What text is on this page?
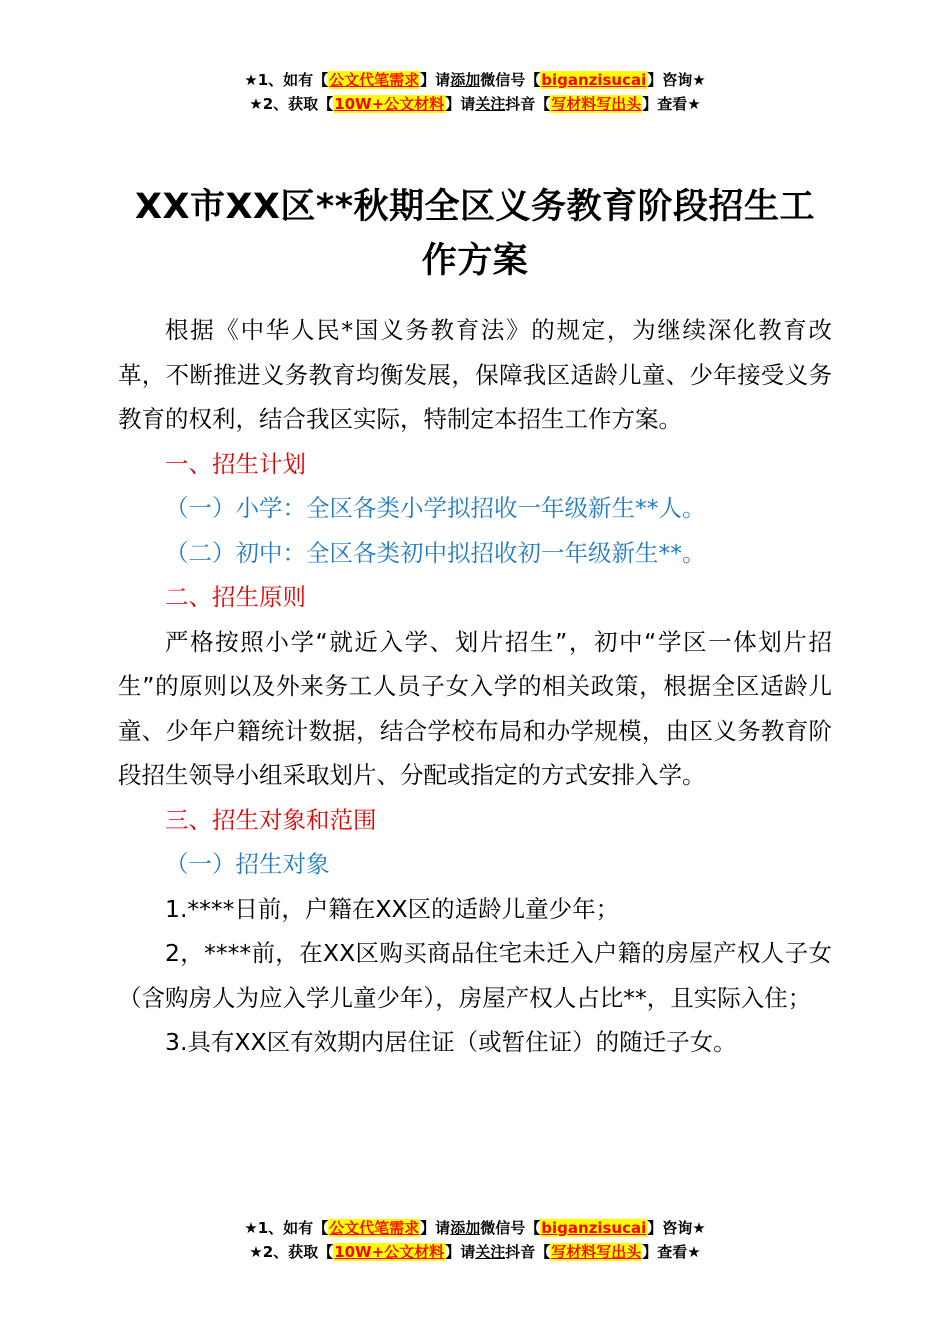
★1、如有【公文代笔需求】请添加微信号【biganzisucai】咨询★
★2、获取【10W+公文材料】请关注抖音【写材料写出头】查看★
XX市XX区**秋期全区义务教育阶段招生工作方案

根据《中华人民*国义务教育法》的规定，为继续深化教育改革，不断推进义务教育均衡发展，保障我区适龄儿童、少年接受义务教育的权利，结合我区实际，特制定本招生工作方案。

一、招生计划

（一）小学：全区各类小学拟招收一年级新生**人。

（二）初中：全区各类初中拟招收初一年级新生**。

二、招生原则

严格按照小学“就近入学、划片招生”，初中“学区一体划片招生”的原则以及外来务工人员子女入学的相关政策，根据全区适龄儿童、少年户籍统计数据，结合学校布局和办学规模，由区义务教育阶段招生领导小组采取划片、分配或指定的方式安排入学。

三、招生对象和范围

（一）招生对象

1.****日前，户籍在XX区的适龄儿童少年；

2，****前，在XX区购买商品住宅未迁入户籍的房屋产权人子女（含购房人为应入学儿童少年），房屋产权人占比**，且实际入住；

3.具有XX区有效期内居住证（或暂住证）的随迁子女。

★1、如有【公文代笔需求】请添加微信号【biganzisucai】咨询★
★2、获取【10W+公文材料】请关注抖音【写材料写出头】查看★
